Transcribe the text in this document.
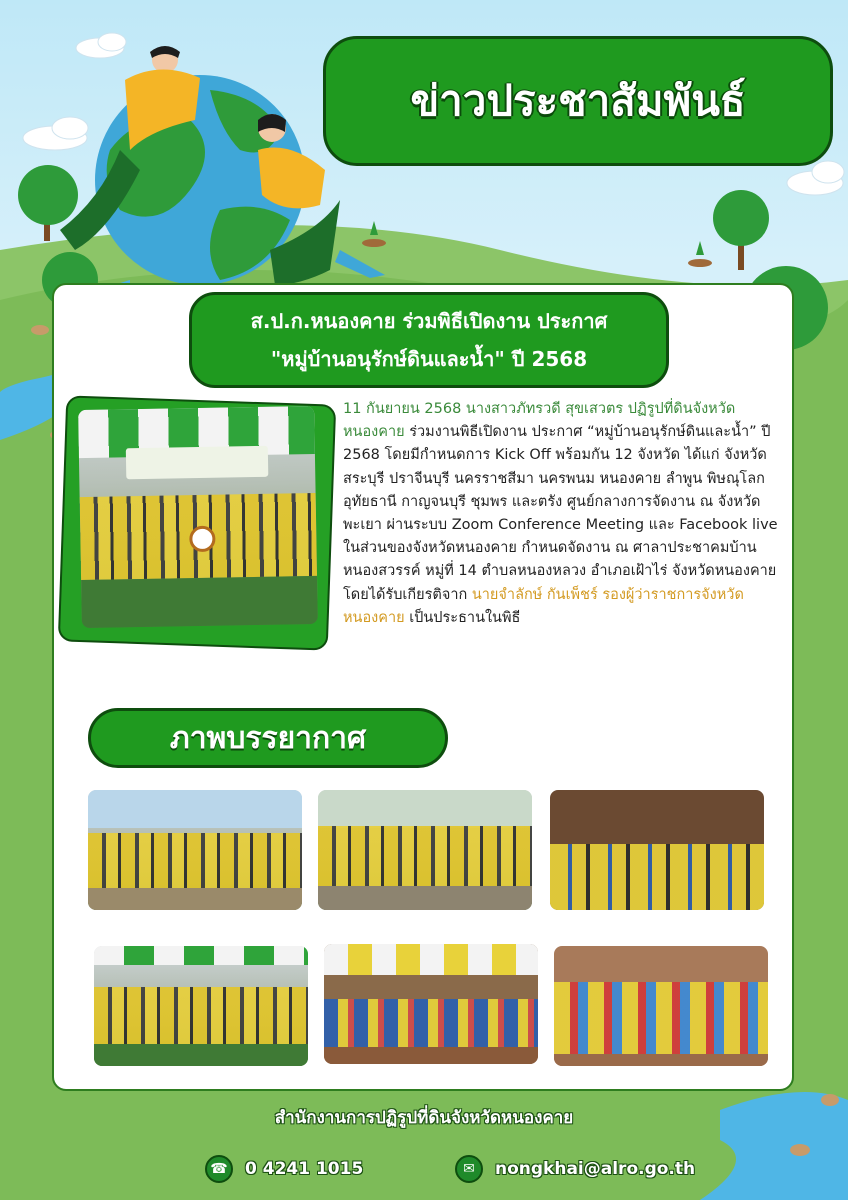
ข่าวประชาสัมพันธ์
ส.ป.ก.หนองคาย ร่วมพิธีเปิดงาน ประกาศ
"หมู่บ้านอนุรักษ์ดินและน้ำ" ปี 2568
11 กันยายน 2568 นางสาวภัทรวดี สุขเสวตร ปฏิรูปที่ดินจังหวัดหนองคาย ร่วมงานพิธีเปิดงาน ประกาศ “หมู่บ้านอนุรักษ์ดินและน้ำ” ปี 2568 โดยมีกำหนดการ Kick Off พร้อมกัน 12 จังหวัด ได้แก่ จังหวัดสระบุรี ปราจีนบุรี นครราชสีมา นครพนม หนองคาย ลำพูน พิษณุโลก อุทัยธานี กาญจนบุรี ชุมพร และตรัง ศูนย์กลางการจัดงาน ณ จังหวัดพะเยา ผ่านระบบ Zoom Conference Meeting และ Facebook live ในส่วนของจังหวัดหนองคาย กำหนดจัดงาน ณ ศาลาประชาคมบ้านหนองสวรรค์ หมู่ที่ 14 ตำบลหนองหลวง อำเภอเฝ้าไร่ จังหวัดหนองคาย โดยได้รับเกียรติจาก นายจำลักษ์ กันเพ็ชร์ รองผู้ว่าราชการจังหวัดหนองคาย เป็นประธานในพิธี
ภาพบรรยากาศ
สำนักงานการปฏิรูปที่ดินจังหวัดหนองคาย
☎	0 4241 1015	✉	nongkhai@alro.go.th
